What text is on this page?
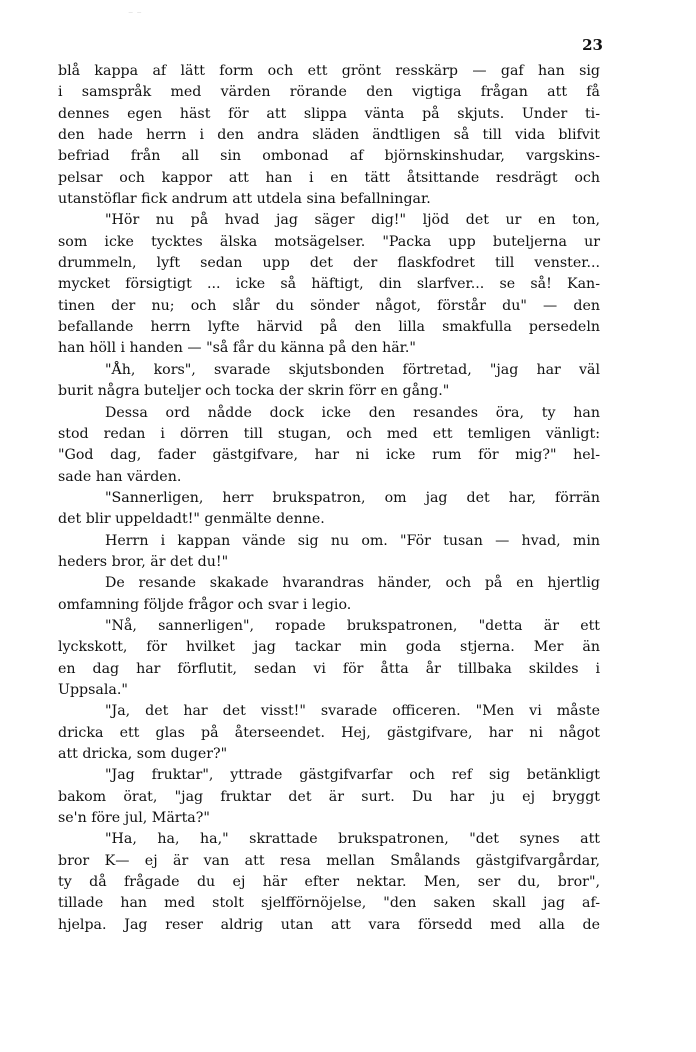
⁻ ⁻
23
blå kappa af lätt form och ett grönt resskärp — gaf han sig
i samspråk med värden rörande den vigtiga frågan att få
dennes egen häst för att slippa vänta på skjuts. Under ti-
den hade herrn i den andra släden ändtligen så till vida blifvit
befriad från all sin ombonad af björnskinshudar, vargskins-
pelsar och kappor att han i en tätt åtsittande resdrägt och
utanstöflar fick andrum att utdela sina befallningar.
"Hör nu på hvad jag säger dig!" ljöd det ur en ton,
som icke tycktes älska motsägelser. "Packa upp buteljerna ur
drummeln, lyft sedan upp det der flaskfodret till venster...
mycket försigtigt ... icke så häftigt, din slarfver... se så! Kan-
tinen der nu; och slår du sönder något, förstår du" — den
befallande herrn lyfte härvid på den lilla smakfulla persedeln
han höll i handen — "så får du känna på den här."
"Åh, kors", svarade skjutsbonden förtretad, "jag har väl
burit några buteljer och tocka der skrin förr en gång."
Dessa ord nådde dock icke den resandes öra, ty han
stod redan i dörren till stugan, och med ett temligen vänligt:
"God dag, fader gästgifvare, har ni icke rum för mig?" hel-
sade han värden.
"Sannerligen, herr brukspatron, om jag det har, förrän
det blir uppeldadt!" genmälte denne.
Herrn i kappan vände sig nu om. "För tusan — hvad, min
heders bror, är det du!"
De resande skakade hvarandras händer, och på en hjertlig
omfamning följde frågor och svar i legio.
"Nå, sannerligen", ropade brukspatronen, "detta är ett
lyckskott, för hvilket jag tackar min goda stjerna. Mer än
en dag har förflutit, sedan vi för åtta år tillbaka skildes i
Uppsala."
"Ja, det har det visst!" svarade officeren. "Men vi måste
dricka ett glas på återseendet. Hej, gästgifvare, har ni något
att dricka, som duger?"
"Jag fruktar", yttrade gästgifvarfar och ref sig betänkligt
bakom örat, "jag fruktar det är surt. Du har ju ej bryggt
se'n före jul, Märta?"
"Ha, ha, ha," skrattade brukspatronen, "det synes att
bror K— ej är van att resa mellan Smålands gästgifvargårdar,
ty då frågade du ej här efter nektar. Men, ser du, bror",
tillade han med stolt sjelfförnöjelse, "den saken skall jag af-
hjelpa. Jag reser aldrig utan att vara försedd med alla de
